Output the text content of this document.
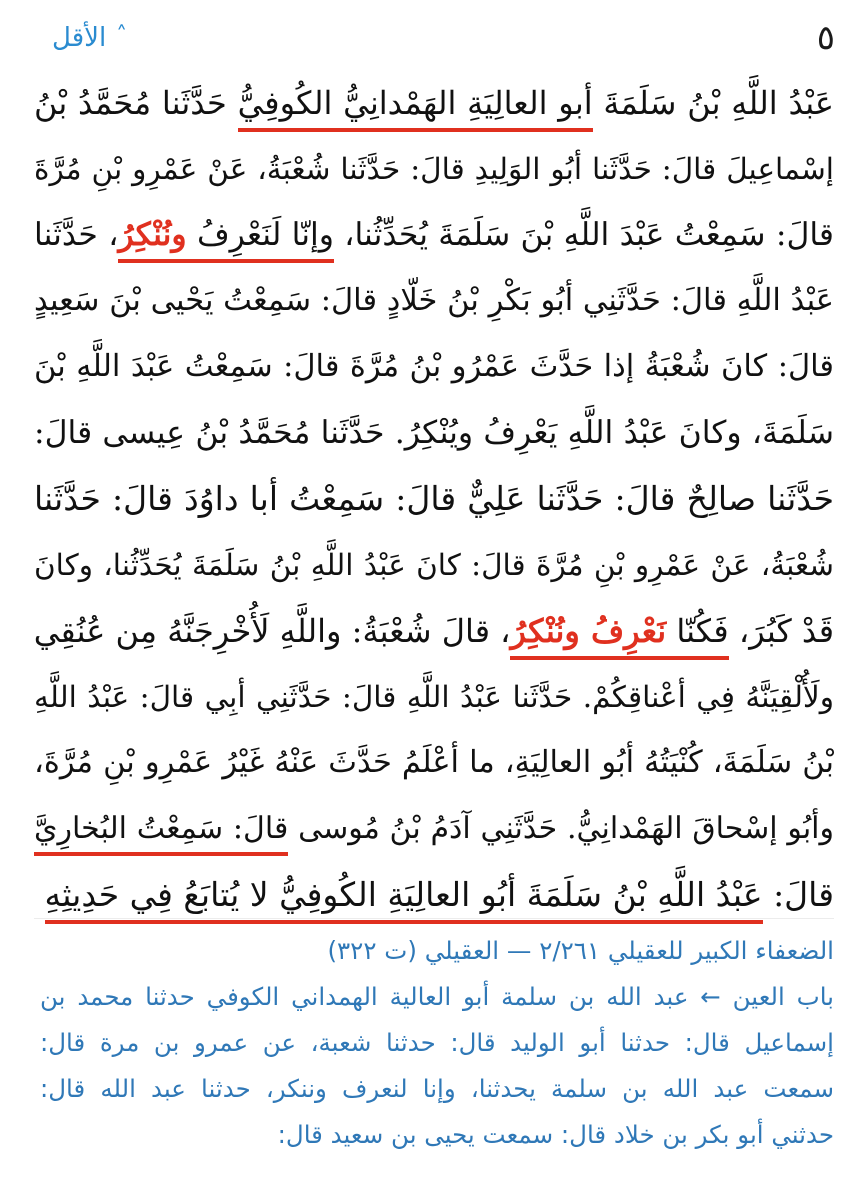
٥
الأقل ˄
عَبْدُ اللَّهِ بْنُ سَلَمَةَ أبو العالِيَةِ الهَمْدانِيُّ الكُوفِيُّ حَدَّثَنا مُحَمَّدُ بْنُ
إسْماعِيلَ قالَ: حَدَّثَنا أبُو الوَلِيدِ قالَ: حَدَّثَنا شُعْبَةُ، عَنْ عَمْرِو بْنِ مُرَّةَ
قالَ: سَمِعْتُ عَبْدَ اللَّهِ بْنَ سَلَمَةَ يُحَدِّثُنا، وإنّا لَنَعْرِفُ ونُنْكِرُ، حَدَّثَنا
عَبْدُ اللَّهِ قالَ: حَدَّثَنِي أبُو بَكْرِ بْنُ خَلّادٍ قالَ: سَمِعْتُ يَحْيى بْنَ سَعِيدٍ
قالَ: كانَ شُعْبَةُ إذا حَدَّثَ عَمْرُو بْنُ مُرَّةَ قالَ: سَمِعْتُ عَبْدَ اللَّهِ بْنَ
سَلَمَةَ، وكانَ عَبْدُ اللَّهِ يَعْرِفُ ويُنْكِرُ. حَدَّثَنا مُحَمَّدُ بْنُ عِيسى قالَ:
حَدَّثَنا صالِحٌ قالَ: حَدَّثَنا عَلِيٌّ قالَ: سَمِعْتُ أبا داوُدَ قالَ: حَدَّثَنا
شُعْبَةُ، عَنْ عَمْرِو بْنِ مُرَّةَ قالَ: كانَ عَبْدُ اللَّهِ بْنُ سَلَمَةَ يُحَدِّثُنا، وكانَ
قَدْ كَبُرَ، فَكُنّا نَعْرِفُ ونُنْكِرُ، قالَ شُعْبَةُ: واللَّهِ لَأُخْرِجَنَّهُ مِن عُنُقِي
ولَأُلْقِيَنَّهُ فِي أعْناقِكُمْ. حَدَّثَنا عَبْدُ اللَّهِ قالَ: حَدَّثَنِي أبِي قالَ: عَبْدُ اللَّهِ
بْنُ سَلَمَةَ، كُنْيَتُهُ أبُو العالِيَةِ، ما أعْلَمُ حَدَّثَ عَنْهُ غَيْرُ عَمْرِو بْنِ مُرَّةَ،
وأبُو إسْحاقَ الهَمْدانِيُّ. حَدَّثَنِي آدَمُ بْنُ مُوسى قالَ: سَمِعْتُ البُخارِيَّ
قالَ: عَبْدُ اللَّهِ بْنُ سَلَمَةَ أبُو العالِيَةِ الكُوفِيُّ لا يُتابَعُ فِي حَدِيثِهِ
الضعفاء الكبير للعقيلي ٢/٢٦١ — العقيلي (ت ٣٢٢)
باب العين ← عبد الله بن سلمة أبو العالية الهمداني الكوفي حدثنا محمد بن
إسماعيل قال: حدثنا أبو الوليد قال: حدثنا شعبة، عن عمرو بن مرة قال:
سمعت عبد الله بن سلمة يحدثنا، وإنا لنعرف وننكر، حدثنا عبد الله قال:
حدثني أبو بكر بن خلاد قال: سمعت يحيى بن سعيد قال:
